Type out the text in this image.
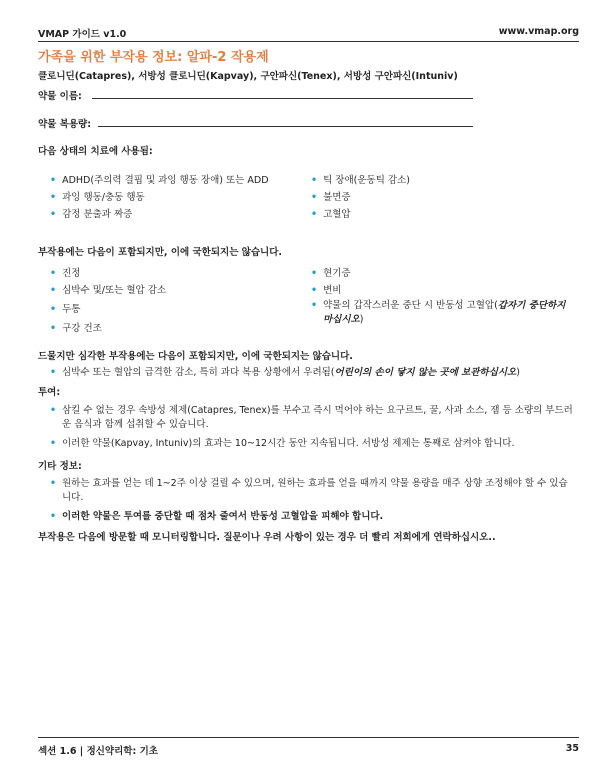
VMAP 가이드 v1.0	www.vmap.org
가족을 위한 부작용 정보: 알파-2 작용제
클로니딘(Catapres), 서방성 클로니딘(Kapvay), 구안파신(Tenex), 서방성 구안파신(Intuniv)
약물 이름:
약물 복용량:
다음 상태의 치료에 사용됨:
• ADHD(주의력 결핍 및 과잉 행동 장애) 또는 ADD
• 과잉 행동/충동 행동
• 감정 분출과 짜증
• 틱 장애(운동틱 감소)
• 불면증
• 고혈압
부작용에는 다음이 포함되지만, 이에 국한되지는 않습니다.
• 진정
• 심박수 및/또는 혈압 감소
• 두통
• 구강 건조
• 현기증
• 변비
• 약물의 갑작스러운 중단 시 반동성 고혈압(갑자기 중단하지 마십시오)
드물지만 심각한 부작용에는 다음이 포함되지만, 이에 국한되지는 않습니다.
• 심박수 또는 혈압의 급격한 감소, 특히 과다 복용 상황에서 우려됨(어린이의 손이 닿지 않는 곳에 보관하십시오)
투여:
• 삼킬 수 없는 경우 속방성 제제(Catapres, Tenex)를 부수고 즉시 먹어야 하는 요구르트, 꿀, 사과 소스, 잼 등 소량의 부드러운 음식과 함께 섭취할 수 있습니다.
• 이러한 약물(Kapvay, Intuniv)의 효과는 10~12시간 동안 지속됩니다. 서방성 제제는 통째로 삼켜야 합니다.
기타 정보:
• 원하는 효과를 얻는 데 1~2주 이상 걸릴 수 있으며, 원하는 효과를 얻을 때까지 약물 용량을 매주 상향 조정해야 할 수 있습니다.
• 이러한 약물은 투여를 중단할 때 점차 줄여서 반동성 고혈압을 피해야 합니다.
부작용은 다음에 방문할 때 모니터링합니다. 질문이나 우려 사항이 있는 경우 더 빨리 저희에게 연락하십시오..
섹션 1.6 | 정신약리학: 기초	35
